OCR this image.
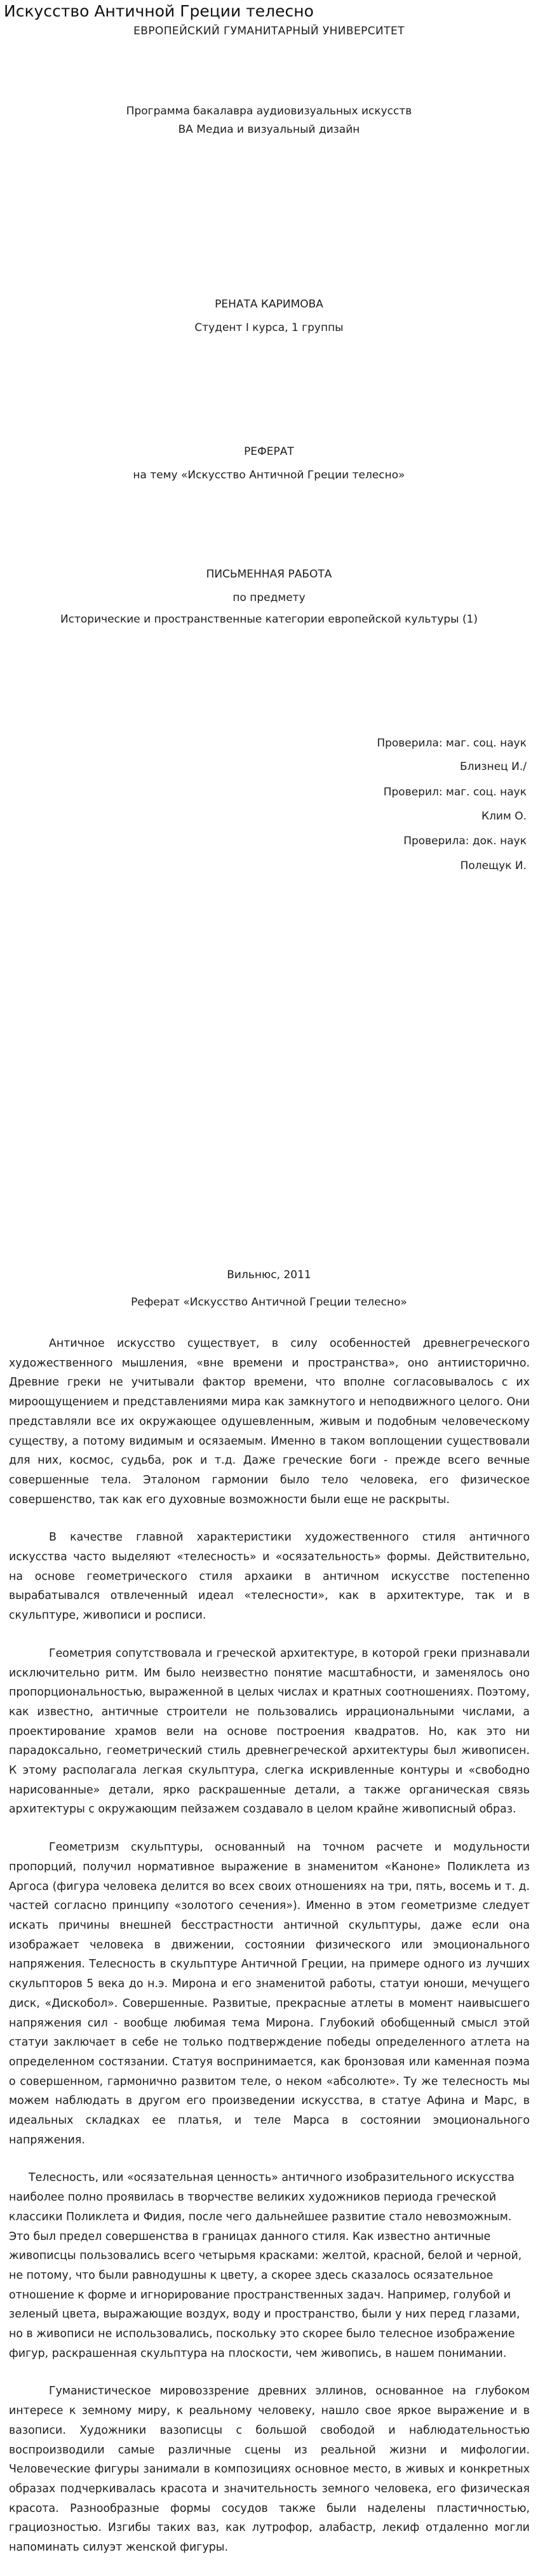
Искусство Античной Греции телесно
ЕВРОПЕЙСКИЙ ГУМАНИТАРНЫЙ УНИВЕРСИТЕТ
Программа бакалавра аудиовизуальных искусств
ВА Медиа и визуальный дизайн
РЕНАТА КАРИМОВА
Студент I курса, 1 группы
РЕФЕРАТ
на тему «Искусство Античной Греции телесно»
ПИСЬМЕННАЯ РАБОТА
по предмету
Исторические и пространственные категории европейской культуры (1)
Проверила: маг. соц. наук
Близнец И./
Проверил: маг. соц. наук
Клим О.
Проверила: док. наук
Полещук И.
Вильнюс, 2011
Реферат «Искусство Античной Греции телесно»

Античное искусство существует, в силу особенностей древнегреческого художественного мышления, «вне времени и пространства», оно антиисторично. Древние греки не учитывали фактор времени, что вполне согласовывалось с их мироощущением и представлениями мира как замкнутого и неподвижного целого. Они представляли все их окружающее одушевленным, живым и подобным человеческому существу, а потому видимым и осязаемым. Именно в таком воплощении существовали для них, космос, судьба, рок и т.д. Даже греческие боги - прежде всего вечные совершенные тела. Эталоном гармонии было тело человека, его физическое совершенство, так как его духовные возможности были еще не раскрыты.

В качестве главной характеристики художественного стиля античного искусства часто выделяют «телесность» и «осязательность» формы. Действительно, на основе геометрического стиля архаики в античном искусстве постепенно вырабатывался отвлеченный идеал «телесности», как в архитектуре, так и в скульптуре, живописи и росписи.

Геометрия сопутствовала и греческой архитектуре, в которой греки признавали исключительно ритм. Им было неизвестно понятие масштабности, и заменялось оно пропорциональностью, выраженной в целых числах и кратных соотношениях. Поэтому, как известно, античные строители не пользовались иррациональными числами, а проектирование храмов вели на основе построения квадратов. Но, как это ни парадоксально, геометрический стиль древнегреческой архитектуры был живописен. К этому располагала легкая скульптура, слегка искривленные контуры и «свободно нарисованные» детали, ярко раскрашенные детали, а также органическая связь архитектуры с окружающим пейзажем создавало в целом крайне живописный образ.

Геометризм скульптуры, основанный на точном расчете и модульности пропорций, получил нормативное выражение в знаменитом «Каноне» Поликлета из Аргоса (фигура человека делится во всех своих отношениях на три, пять, восемь и т. д. частей согласно принципу «золотого сечения»). Именно в этом геометризме следует искать причины внешней бесстрастности античной скульптуры, даже если она изображает человека в движении, состоянии физического или эмоционального напряжения. Телесность в скульптуре Античной Греции, на примере одного из лучших скульпторов 5 века до н.э. Мирона и его знаменитой работы, статуи юноши, мечущего диск, «Дискобол». Совершенные. Развитые, прекрасные атлеты в момент наивысшего напряжения сил - вообще любимая тема Мирона. Глубокий обобщенный смысл этой статуи заключает в себе не только подтверждение победы определенного атлета на определенном состязании. Статуя воспринимается, как бронзовая или каменная поэма о совершенном, гармонично развитом теле, о неком «абсолюте». Ту же телесность мы можем наблюдать в другом его произведении искусства, в статуе Афина и Марс, в идеальных складках ее платья, и теле Марса в состоянии эмоционального напряжения.

Телесность, или «осязательная ценность» античного изобразительного искусства наиболее полно проявилась в творчестве великих художников периода греческой классики Поликлета и Фидия, после чего дальнейшее развитие стало невозможным. Это был предел совершенства в границах данного стиля. Как известно античные живописцы пользовались всего четырьмя красками: желтой, красной, белой и черной, не потому, что были равнодушны к цвету, а скорее здесь сказалось осязательное отношение к форме и игнорирование пространственных задач. Например, голубой и зеленый цвета, выражающие воздух, воду и пространство, были у них перед глазами, но в живописи не использовались, поскольку это скорее было телесное изображение фигур, раскрашенная скульптура на плоскости, чем живопись, в нашем понимании.

Гуманистическое мировоззрение древних эллинов, основанное на глубоком интересе к земному миру, к реальному человеку, нашло свое яркое выражение и в вазописи. Художники вазописцы с большой свободой и наблюдательностью воспроизводили самые различные сцены из реальной жизни и мифологии. Человеческие фигуры занимали в композициях основное место, в живых и конкретных образах подчеркивалась красота и значительность земного человека, его физическая красота. Разнообразные формы сосудов также были наделены пластичностью, грациозностью. Изгибы таких ваз, как лутрофор, алабастр, лекиф отдаленно могли напоминать силуэт женской фигуры.
